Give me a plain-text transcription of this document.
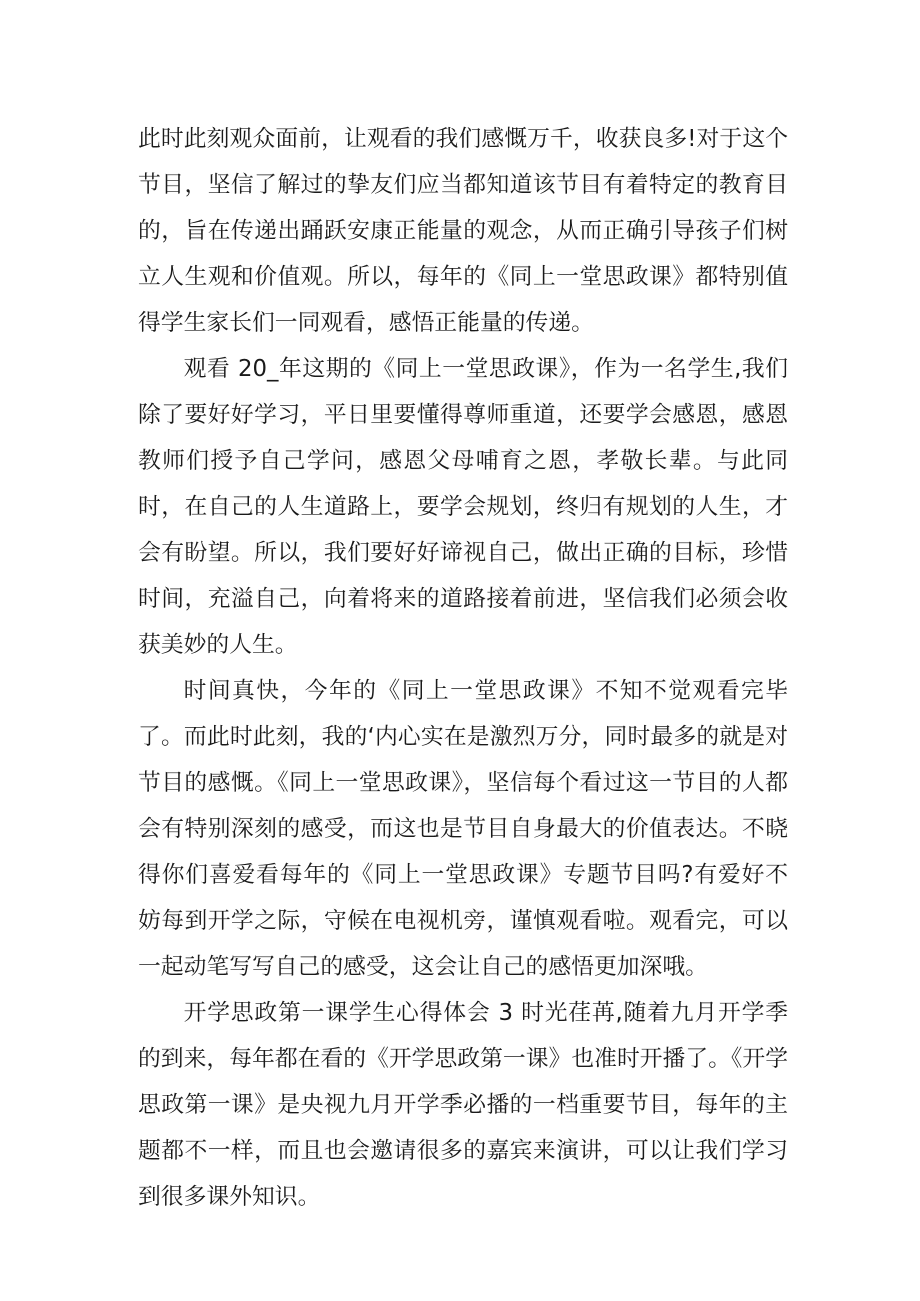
此时此刻观众面前，让观看的我们感慨万千，收获良多!对于这个节目，坚信了解过的挚友们应当都知道该节目有着特定的教育目的，旨在传递出踊跃安康正能量的观念，从而正确引导孩子们树立人生观和价值观。所以，每年的《同上一堂思政课》都特别值得学生家长们一同观看，感悟正能量的传递。

观看 20_年这期的《同上一堂思政课》，作为一名学生,我们除了要好好学习，平日里要懂得尊师重道，还要学会感恩，感恩教师们授予自己学问，感恩父母哺育之恩，孝敬长辈。与此同时，在自己的人生道路上，要学会规划，终归有规划的人生，才会有盼望。所以，我们要好好谛视自己，做出正确的目标，珍惜时间，充溢自己，向着将来的道路接着前进，坚信我们必须会收获美妙的人生。

时间真快，今年的《同上一堂思政课》不知不觉观看完毕了。而此时此刻，我的‘内心实在是激烈万分，同时最多的就是对节目的感慨。《同上一堂思政课》，坚信每个看过这一节目的人都会有特别深刻的感受，而这也是节目自身最大的价值表达。不晓得你们喜爱看每年的《同上一堂思政课》专题节目吗?有爱好不妨每到开学之际，守候在电视机旁，谨慎观看啦。观看完，可以一起动笔写写自己的感受，这会让自己的感悟更加深哦。

开学思政第一课学生心得体会 3 时光荏苒,随着九月开学季的到来，每年都在看的《开学思政第一课》也准时开播了。《开学思政第一课》是央视九月开学季必播的一档重要节目，每年的主题都不一样，而且也会邀请很多的嘉宾来演讲，可以让我们学习到很多课外知识。
